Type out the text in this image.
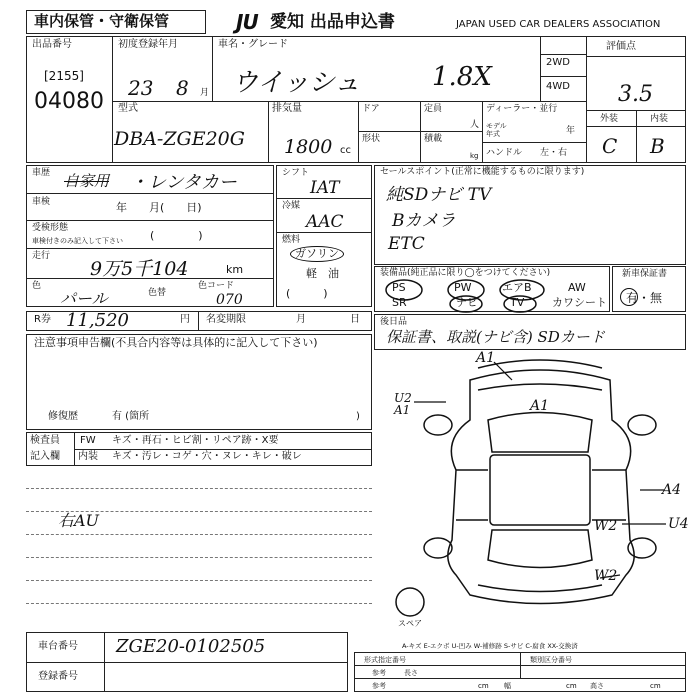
車内保管・守衛保管	JU 愛知 出品申込書	JAPAN USED CAR DEALERS ASSOCIATION
出品番号
[2155]
04080
初度登録年月
23 8 月
車名・グレード
ウイッシュ	1.8X	2WD
4WD
評価点
3.5
外装	内装
C B
型式
DBA-ZGE20G
排気量
1800 cc
ドア	定員
人
形状	積載
kg
ディーラー・並行
モデル
年式	年
ハンドル 左・右
車歴 自家用 ・レンタカー
車検	年　　月(　　日)
受検形態
車検付きのみ記入して下さい (　　　　)
走行
9万5千104	km
色
パール	色替
色コード
070
シフト
IAT
冷媒
AAC
燃料
ガソリン
軽　油
(　　　)
セールスポイント(正常に機能するものに限ります)
純SDナビ TV
Bカメラ
ETC
装備品(純正品に限り◯をつけてください)
PS	PW	エアB	AW
SR	ナビ	TV	カワシート
新車保証書
有・無
後日品
保証書、取説(ナビ含) SDカード
R券 11,520	円 名変期限	月	日
注意事項申告欄(不具合内容等は具体的に記入して下さい)
修復歴	有 (箇所	)
検査員
記入欄
FW キズ・再石・ヒビ割・リペア跡・X要
内装 キズ・汚レ・コゲ・穴・ヌレ・キレ・破レ
右AU
A1
A1
U2
A1
A4
W2	U4
W2
スペア
A-キズ E-エクボ U-凹み W-補修跡 S-サビ C-腐食 XX-交換済
車台番号 ZGE20-0102505
登録番号
形式指定番号	類別区分番号
参考	長さ
参考	cm 幅	cm 高さ	cm
